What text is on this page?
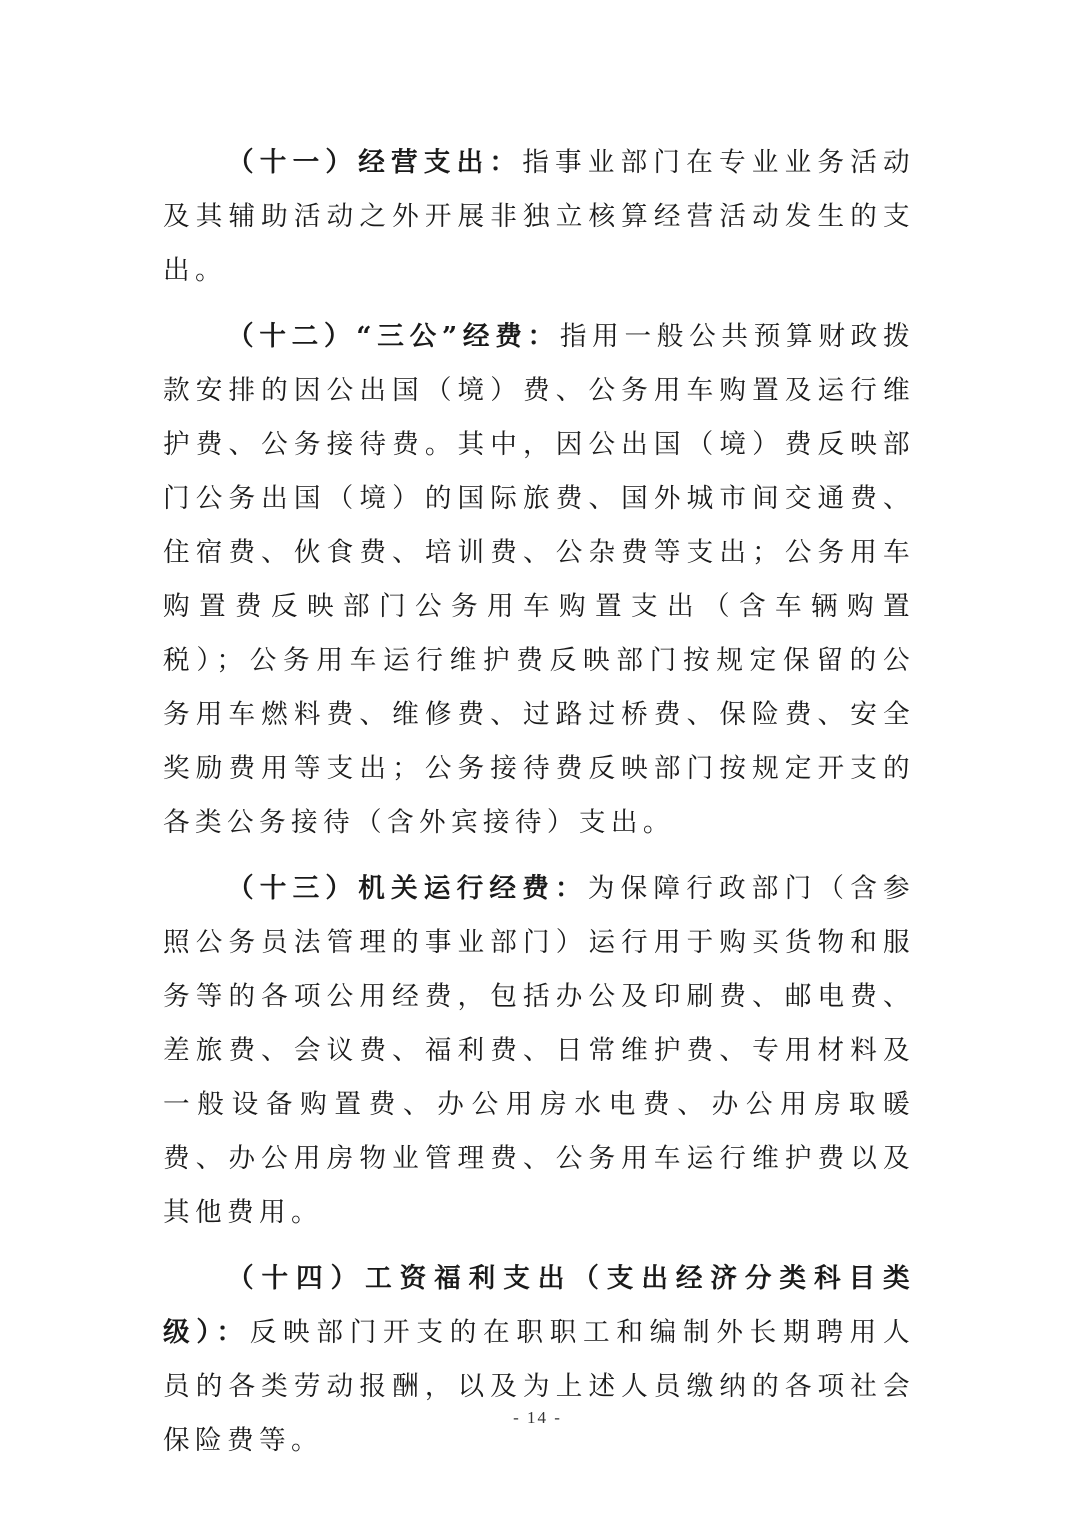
（十一）经营支出：指事业部门在专业业务活动及其辅助活动之外开展非独立核算经营活动发生的支出。

（十二）“三公”经费：指用一般公共预算财政拨款安排的因公出国（境）费、公务用车购置及运行维护费、公务接待费。其中，因公出国（境）费反映部门公务出国（境）的国际旅费、国外城市间交通费、住宿费、伙食费、培训费、公杂费等支出；公务用车购置费反映部门公务用车购置支出（含车辆购置税）；公务用车运行维护费反映部门按规定保留的公务用车燃料费、维修费、过路过桥费、保险费、安全奖励费用等支出；公务接待费反映部门按规定开支的各类公务接待（含外宾接待）支出。

（十三）机关运行经费：为保障行政部门（含参照公务员法管理的事业部门）运行用于购买货物和服务等的各项公用经费，包括办公及印刷费、邮电费、差旅费、会议费、福利费、日常维护费、专用材料及一般设备购置费、办公用房水电费、办公用房取暖费、办公用房物业管理费、公务用车运行维护费以及其他费用。

（十四）工资福利支出（支出经济分类科目类级）：反映部门开支的在职职工和编制外长期聘用人员的各类劳动报酬，以及为上述人员缴纳的各项社会保险费等。

- 14 -
